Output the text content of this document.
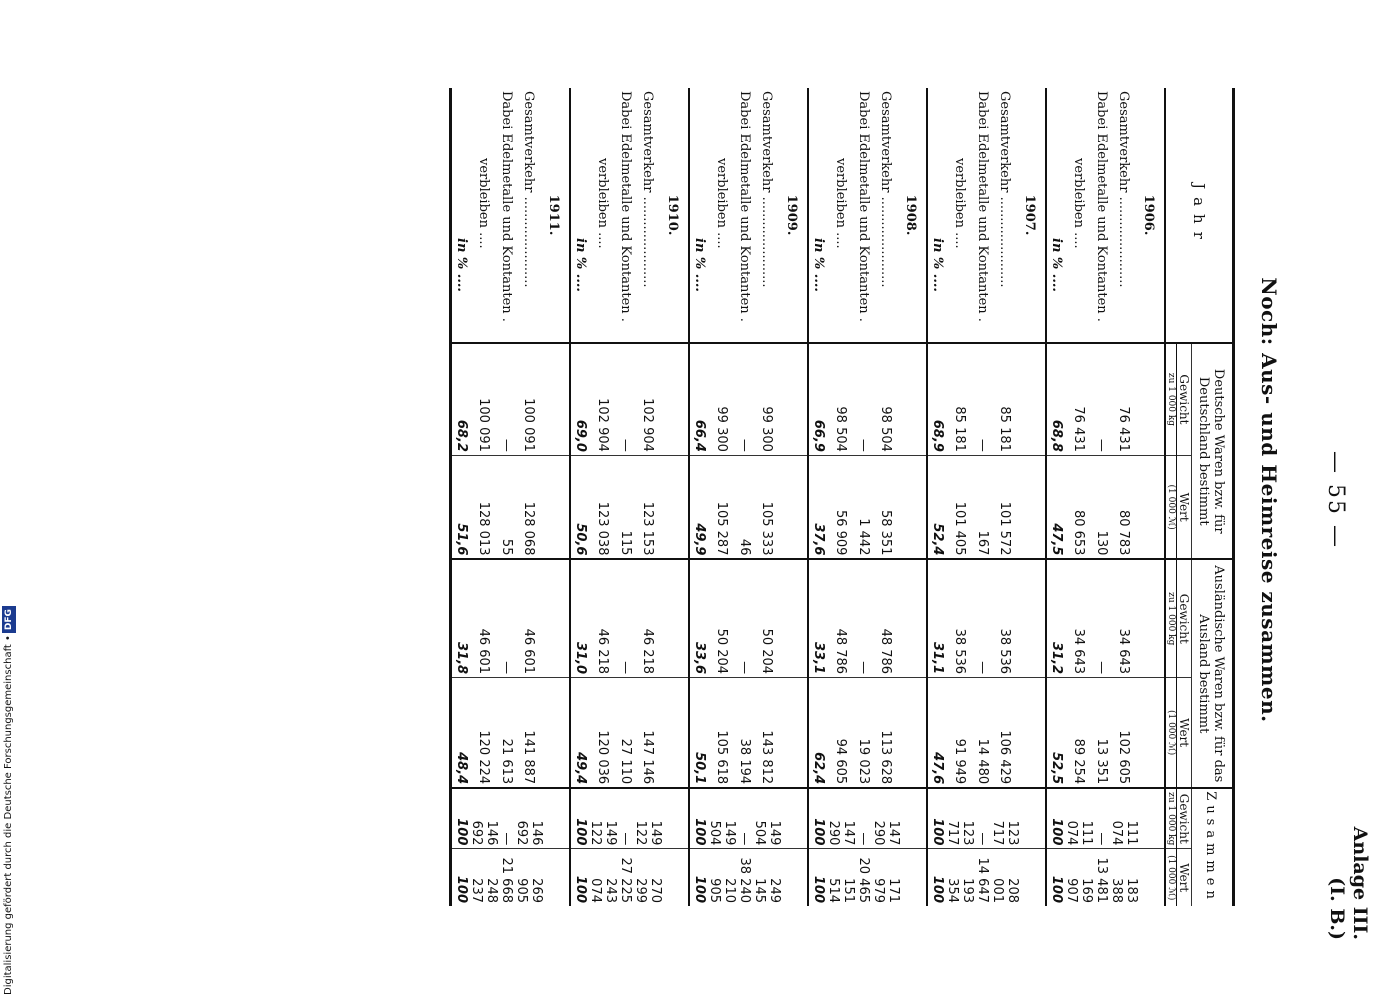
Anlage III.
(I. B.)
— 55 —
Noch: Aus- und Heimreise zusammen.
Jahr	Deutsche Waren bzw. für Deutschland bestimmt		Ausländische Waren bzw. für das Ausland bestimmt		Zusammen	
	Gewicht	Wert	Gewicht	Wert	Gewicht	Wert
	zu 1 000 kg	(1 000 ℳ)	zu 1 000 kg	(1 000 ℳ)	zu 1 000 kg	(1 000 ℳ)
1906.						
Gesamtverkehr ......................	76 431	80 783	34 643	102 605	111 074	183 388
Dabei Edelmetalle und Kontanten .	—	130	—	13 351	—	13 481
verbleiben ....	76 431	80 653	34 643	89 254	111 074	169 907
in % ....	68,8	47,5	31,2	52,5	100	100
1907.						
Gesamtverkehr ......................	85 181	101 572	38 536	106 429	123 717	208 001
Dabei Edelmetalle und Kontanten .	—	167	—	14 480	—	14 647
verbleiben ....	85 181	101 405	38 536	91 949	123 717	193 354
in % ....	68,9	52,4	31,1	47,6	100	100
1908.						
Gesamtverkehr ......................	98 504	58 351	48 786	113 628	147 290	171 979
Dabei Edelmetalle und Kontanten .	—	1 442	—	19 023	—	20 465
verbleiben ....	98 504	56 909	48 786	94 605	147 290	151 514
in % ....	66,9	37,6	33,1	62,4	100	100
1909.						
Gesamtverkehr ......................	99 300	105 333	50 204	143 812	149 504	249 145
Dabei Edelmetalle und Kontanten .	—	46	—	38 194	—	38 240
verbleiben ....	99 300	105 287	50 204	105 618	149 504	210 905
in % ....	66,4	49,9	33,6	50,1	100	100
1910.						
Gesamtverkehr ......................	102 904	123 153	46 218	147 146	149 122	270 299
Dabei Edelmetalle und Kontanten .	—	115	—	27 110	—	27 225
verbleiben ....	102 904	123 038	46 218	120 036	149 122	243 074
in % ....	69,0	50,6	31,0	49,4	100	100
1911.						
Gesamtverkehr ......................	100 091	128 068	46 601	141 887	146 692	269 905
Dabei Edelmetalle und Kontanten .	—	55	—	21 613	—	21 668
verbleiben ....	100 091	128 013	46 601	120 224	146 692	248 237
in % ....	68,2	51,6	31,8	48,4	100	100
Digitalisierung gefördert durch die Deutsche Forschungsgemeinschaft •DFG
